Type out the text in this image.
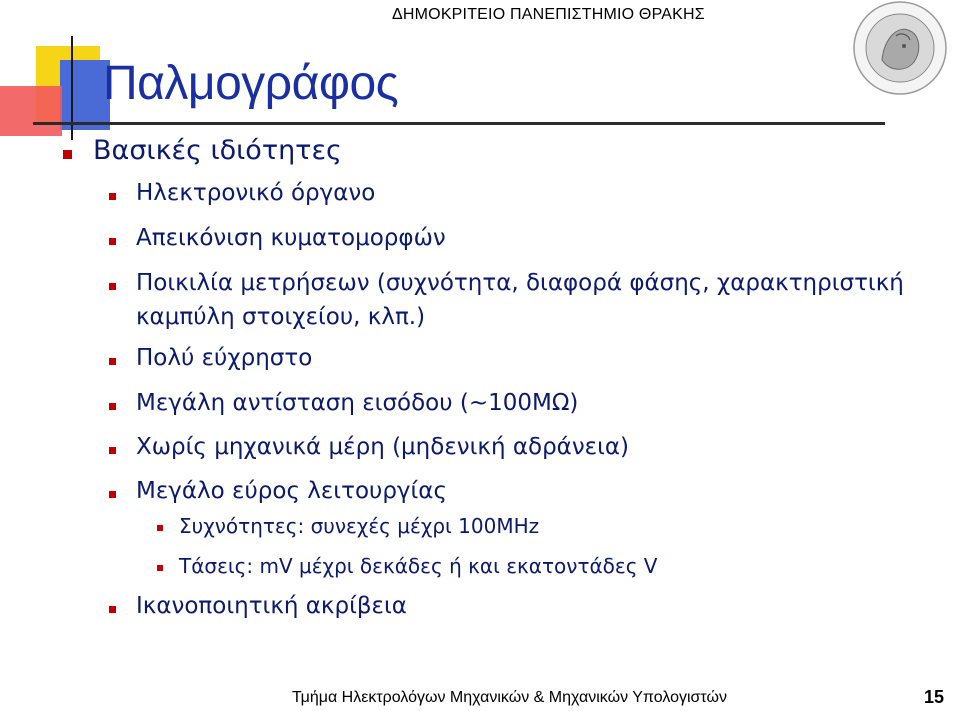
ΔΗΜΟΚΡΙΤΕΙΟ ΠΑΝΕΠΙΣΤΗΜΙΟ ΘΡΑΚΗΣ
Παλμογράφος
Βασικές ιδιότητες
Ηλεκτρονικό όργανο
Απεικόνιση κυματομορφών
Ποικιλία μετρήσεων (συχνότητα, διαφορά φάσης, χαρακτηριστική
καμπύλη στοιχείου, κλπ.)
Πολύ εύχρηστο
Μεγάλη αντίσταση εισόδου (~100ΜΩ)
Χωρίς μηχανικά μέρη (μηδενική αδράνεια)
Μεγάλο εύρος λειτουργίας
Συχνότητες: συνεχές μέχρι 100MHz
Τάσεις: mV μέχρι δεκάδες ή και εκατοντάδες V
Ικανοποιητική ακρίβεια
Τμήμα Ηλεκτρολόγων Μηχανικών & Μηχανικών Υπολογιστών	15
